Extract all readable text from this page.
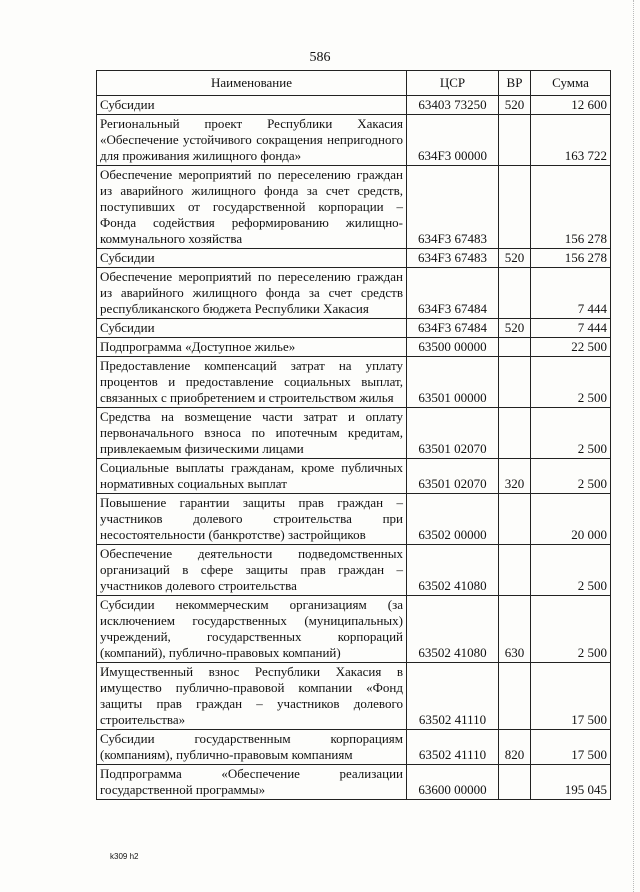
586
Наименование	ЦСР	ВР	Сумма
Субсидии	63403 73250	520	12 600
Региональный проект Республики Хакасия «Обеспечение устойчивого сокращения непригодного для проживания жилищного фонда»	634F3 00000		163 722
Обеспечение мероприятий по переселению граждан из аварийного жилищного фонда за счет средств, поступивших от государственной корпорации – Фонда содействия реформированию жилищно-коммунального хозяйства	634F3 67483		156 278
Субсидии	634F3 67483	520	156 278
Обеспечение мероприятий по переселению граждан из аварийного жилищного фонда за счет средств республиканского бюджета Республики Хакасия	634F3 67484		7 444
Субсидии	634F3 67484	520	7 444
Подпрограмма «Доступное жилье»	63500 00000		22 500
Предоставление компенсаций затрат на уплату процентов и предоставление социальных выплат, связанных с приобретением и строительством жилья	63501 00000		2 500
Средства на возмещение части затрат и оплату первоначального взноса по ипотечным кредитам, привлекаемым физическими лицами	63501 02070		2 500
Социальные выплаты гражданам, кроме публичных нормативных социальных выплат	63501 02070	320	2 500
Повышение гарантии защиты прав граждан – участников долевого строительства при несостоятельности (банкротстве) застройщиков	63502 00000		20 000
Обеспечение деятельности подведомственных организаций в сфере защиты прав граждан – участников долевого строительства	63502 41080		2 500
Субсидии некоммерческим организациям (за исключением государственных (муниципальных) учреждений, государственных корпораций (компаний), публично-правовых компаний)	63502 41080	630	2 500
Имущественный взнос Республики Хакасия в имущество публично-правовой компании «Фонд защиты прав граждан – участников долевого строительства»	63502 41110		17 500
Субсидии государственным корпорациям (компаниям), публично-правовым компаниям	63502 41110	820	17 500
Подпрограмма «Обеспечение реализации государственной программы»	63600 00000		195 045
k309 h2
